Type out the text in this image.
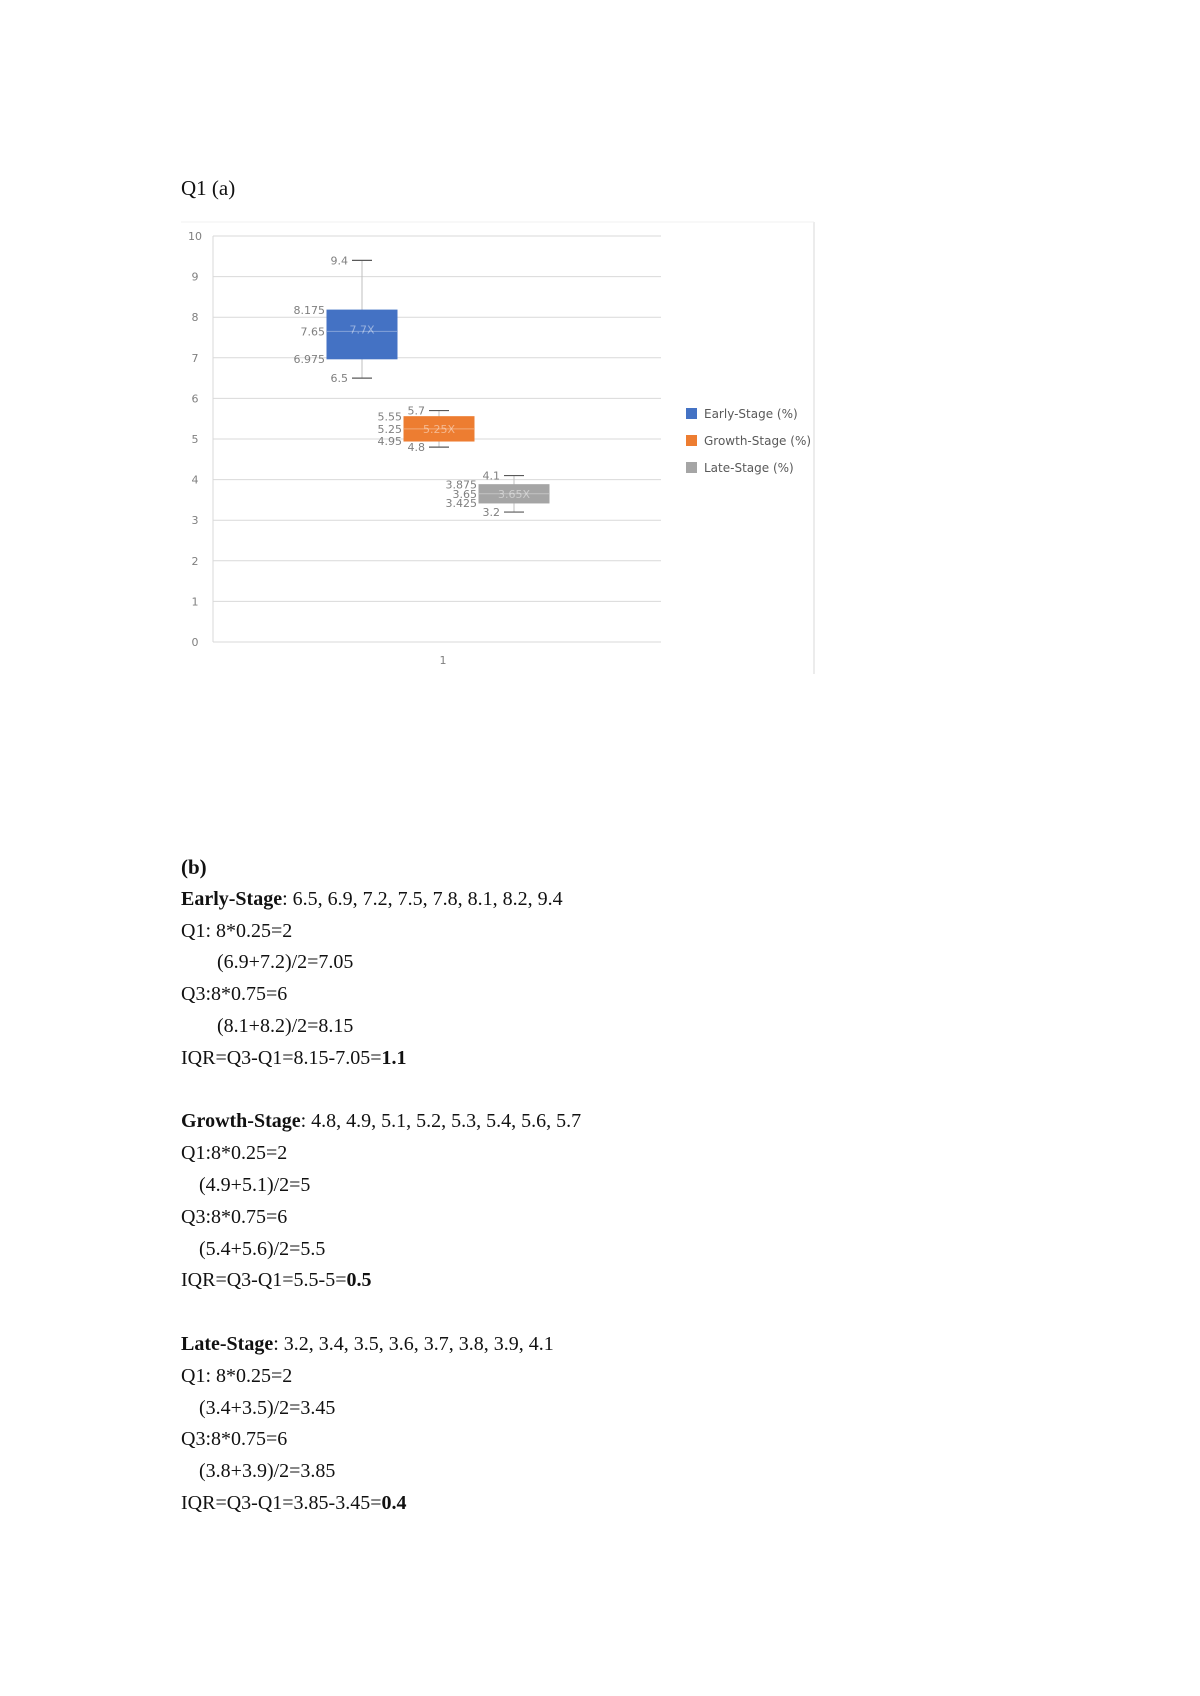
Q1 (a)
0
1
2
3
4
5
6
7
8
9
10
1
9.4
8.175
7.65
6.975
6.5
7.7X
5.7
5.55
5.25
4.95 4.8
5.25X
4.1
3.875
3.65
3.425
3.2
3.65X
Early-Stage (%)
Growth-Stage (%)
Late-Stage (%)
(b)
Early-Stage: 6.5, 6.9, 7.2, 7.5, 7.8, 8.1, 8.2, 9.4
Q1: 8*0.25=2
(6.9+7.2)/2=7.05
Q3:8*0.75=6
(8.1+8.2)/2=8.15
IQR=Q3-Q1=8.15-7.05=1.1
Growth-Stage: 4.8, 4.9, 5.1, 5.2, 5.3, 5.4, 5.6, 5.7
Q1:8*0.25=2
(4.9+5.1)/2=5
Q3:8*0.75=6
(5.4+5.6)/2=5.5
IQR=Q3-Q1=5.5-5=0.5
Late-Stage: 3.2, 3.4, 3.5, 3.6, 3.7, 3.8, 3.9, 4.1
Q1: 8*0.25=2
(3.4+3.5)/2=3.45
Q3:8*0.75=6
(3.8+3.9)/2=3.85
IQR=Q3-Q1=3.85-3.45=0.4
